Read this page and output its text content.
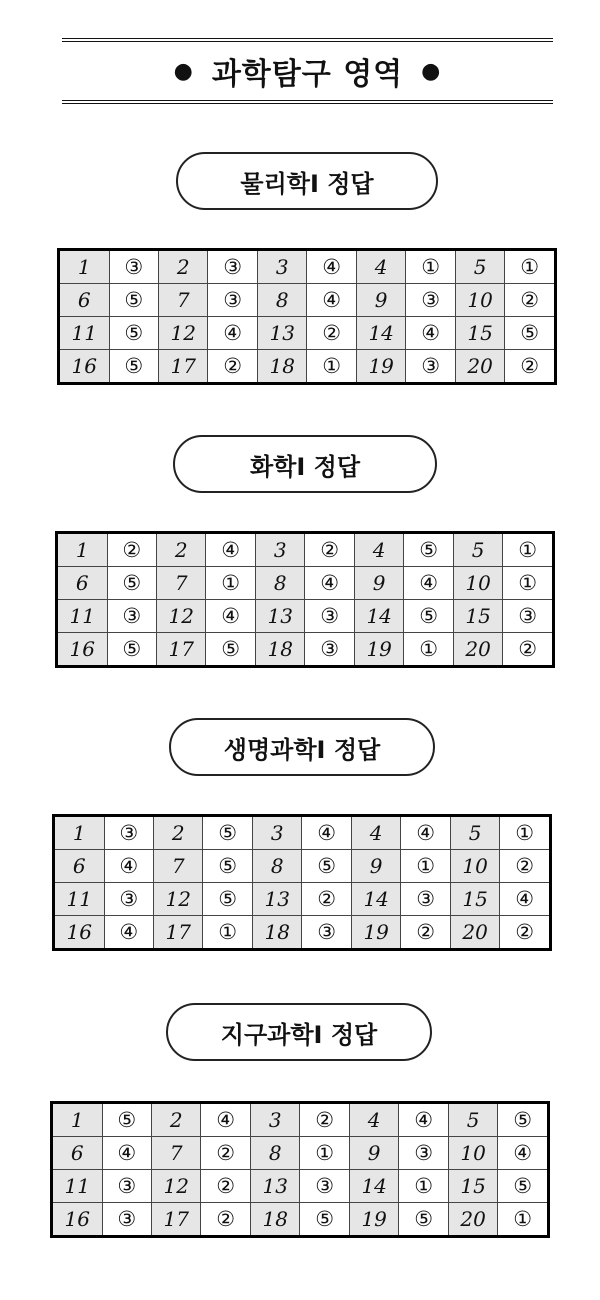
● 과학탐구 영역 ●
물리학Ⅰ 정답
1	③	2	③	3	④	4	①	5	①
6	⑤	7	③	8	④	9	③	10	②
11	⑤	12	④	13	②	14	④	15	⑤
16	⑤	17	②	18	①	19	③	20	②
화학Ⅰ 정답
1	②	2	④	3	②	4	⑤	5	①
6	⑤	7	①	8	④	9	④	10	①
11	③	12	④	13	③	14	⑤	15	③
16	⑤	17	⑤	18	③	19	①	20	②
생명과학Ⅰ 정답
1	③	2	⑤	3	④	4	④	5	①
6	④	7	⑤	8	⑤	9	①	10	②
11	③	12	⑤	13	②	14	③	15	④
16	④	17	①	18	③	19	②	20	②
지구과학Ⅰ 정답
1	⑤	2	④	3	②	4	④	5	⑤
6	④	7	②	8	①	9	③	10	④
11	③	12	②	13	③	14	①	15	⑤
16	③	17	②	18	⑤	19	⑤	20	①
